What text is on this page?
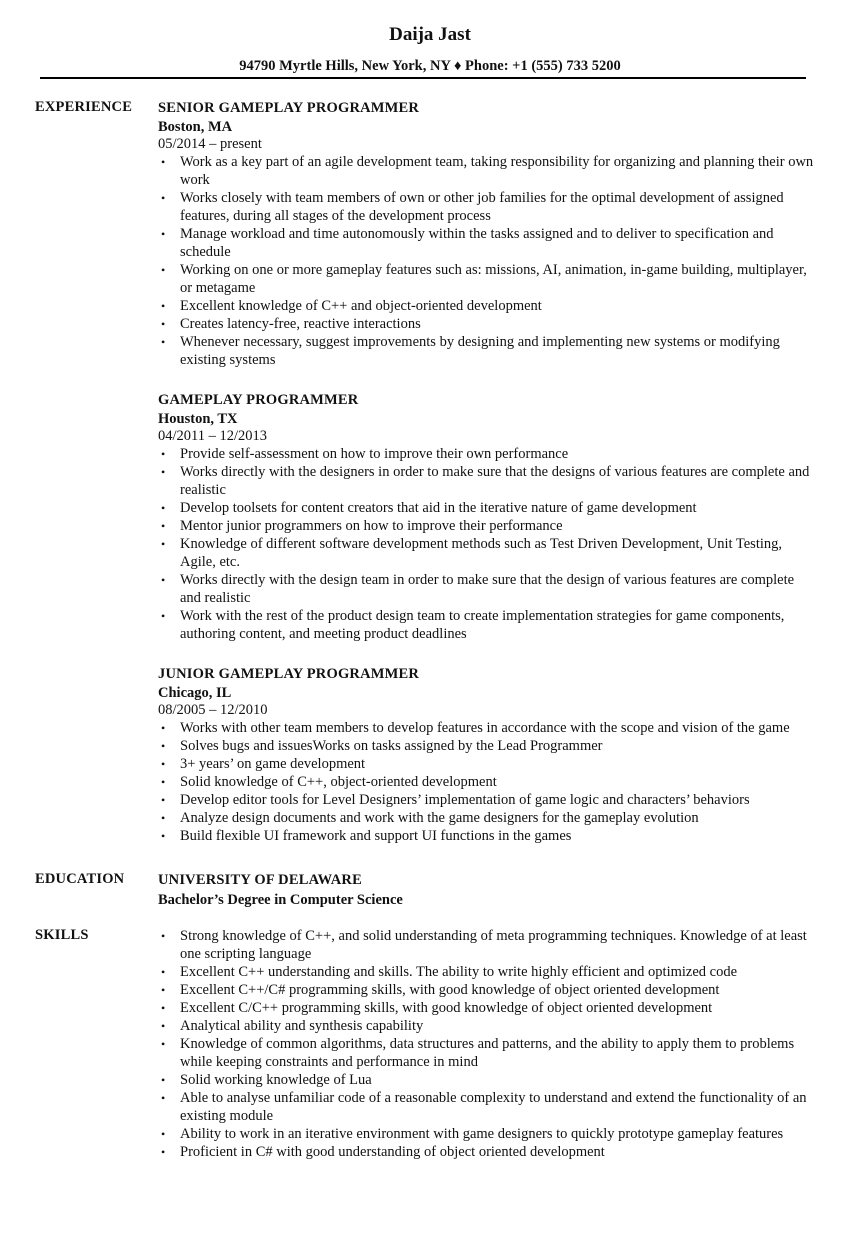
Daija Jast
94790 Myrtle Hills, New York, NY ♦ Phone: +1 (555) 733 5200
EXPERIENCE SENIOR GAMEPLAY PROGRAMMER
Boston, MA
05/2014 – present
• Work as a key part of an agile development team, taking responsibility for organizing and planning their own work
• Works closely with team members of own or other job families for the optimal development of assigned features, during all stages of the development process
• Manage workload and time autonomously within the tasks assigned and to deliver to specification and schedule
• Working on one or more gameplay features such as: missions, AI, animation, in-game building, multiplayer, or metagame
• Excellent knowledge of C++ and object-oriented development
• Creates latency-free, reactive interactions
• Whenever necessary, suggest improvements by designing and implementing new systems or modifying existing systems
GAMEPLAY PROGRAMMER
Houston, TX
04/2011 – 12/2013
• Provide self-assessment on how to improve their own performance
• Works directly with the designers in order to make sure that the designs of various features are complete and realistic
• Develop toolsets for content creators that aid in the iterative nature of game development
• Mentor junior programmers on how to improve their performance
• Knowledge of different software development methods such as Test Driven Development, Unit Testing, Agile, etc.
• Works directly with the design team in order to make sure that the design of various features are complete and realistic
• Work with the rest of the product design team to create implementation strategies for game components, authoring content, and meeting product deadlines
JUNIOR GAMEPLAY PROGRAMMER
Chicago, IL
08/2005 – 12/2010
• Works with other team members to develop features in accordance with the scope and vision of the game
• Solves bugs and issuesWorks on tasks assigned by the Lead Programmer
• 3+ years’ on game development
• Solid knowledge of C++, object-oriented development
• Develop editor tools for Level Designers’ implementation of game logic and characters’ behaviors
• Analyze design documents and work with the game designers for the gameplay evolution
• Build flexible UI framework and support UI functions in the games
EDUCATION UNIVERSITY OF DELAWARE
Bachelor’s Degree in Computer Science
SKILLS	• Strong knowledge of C++, and solid understanding of meta programming techniques. Knowledge of at least one scripting language
• Excellent C++ understanding and skills. The ability to write highly efficient and optimized code
• Excellent C++/C# programming skills, with good knowledge of object oriented development
• Excellent C/C++ programming skills, with good knowledge of object oriented development
• Analytical ability and synthesis capability
• Knowledge of common algorithms, data structures and patterns, and the ability to apply them to problems while keeping constraints and performance in mind
• Solid working knowledge of Lua
• Able to analyse unfamiliar code of a reasonable complexity to understand and extend the functionality of an existing module
• Ability to work in an iterative environment with game designers to quickly prototype gameplay features
• Proficient in C# with good understanding of object oriented development
